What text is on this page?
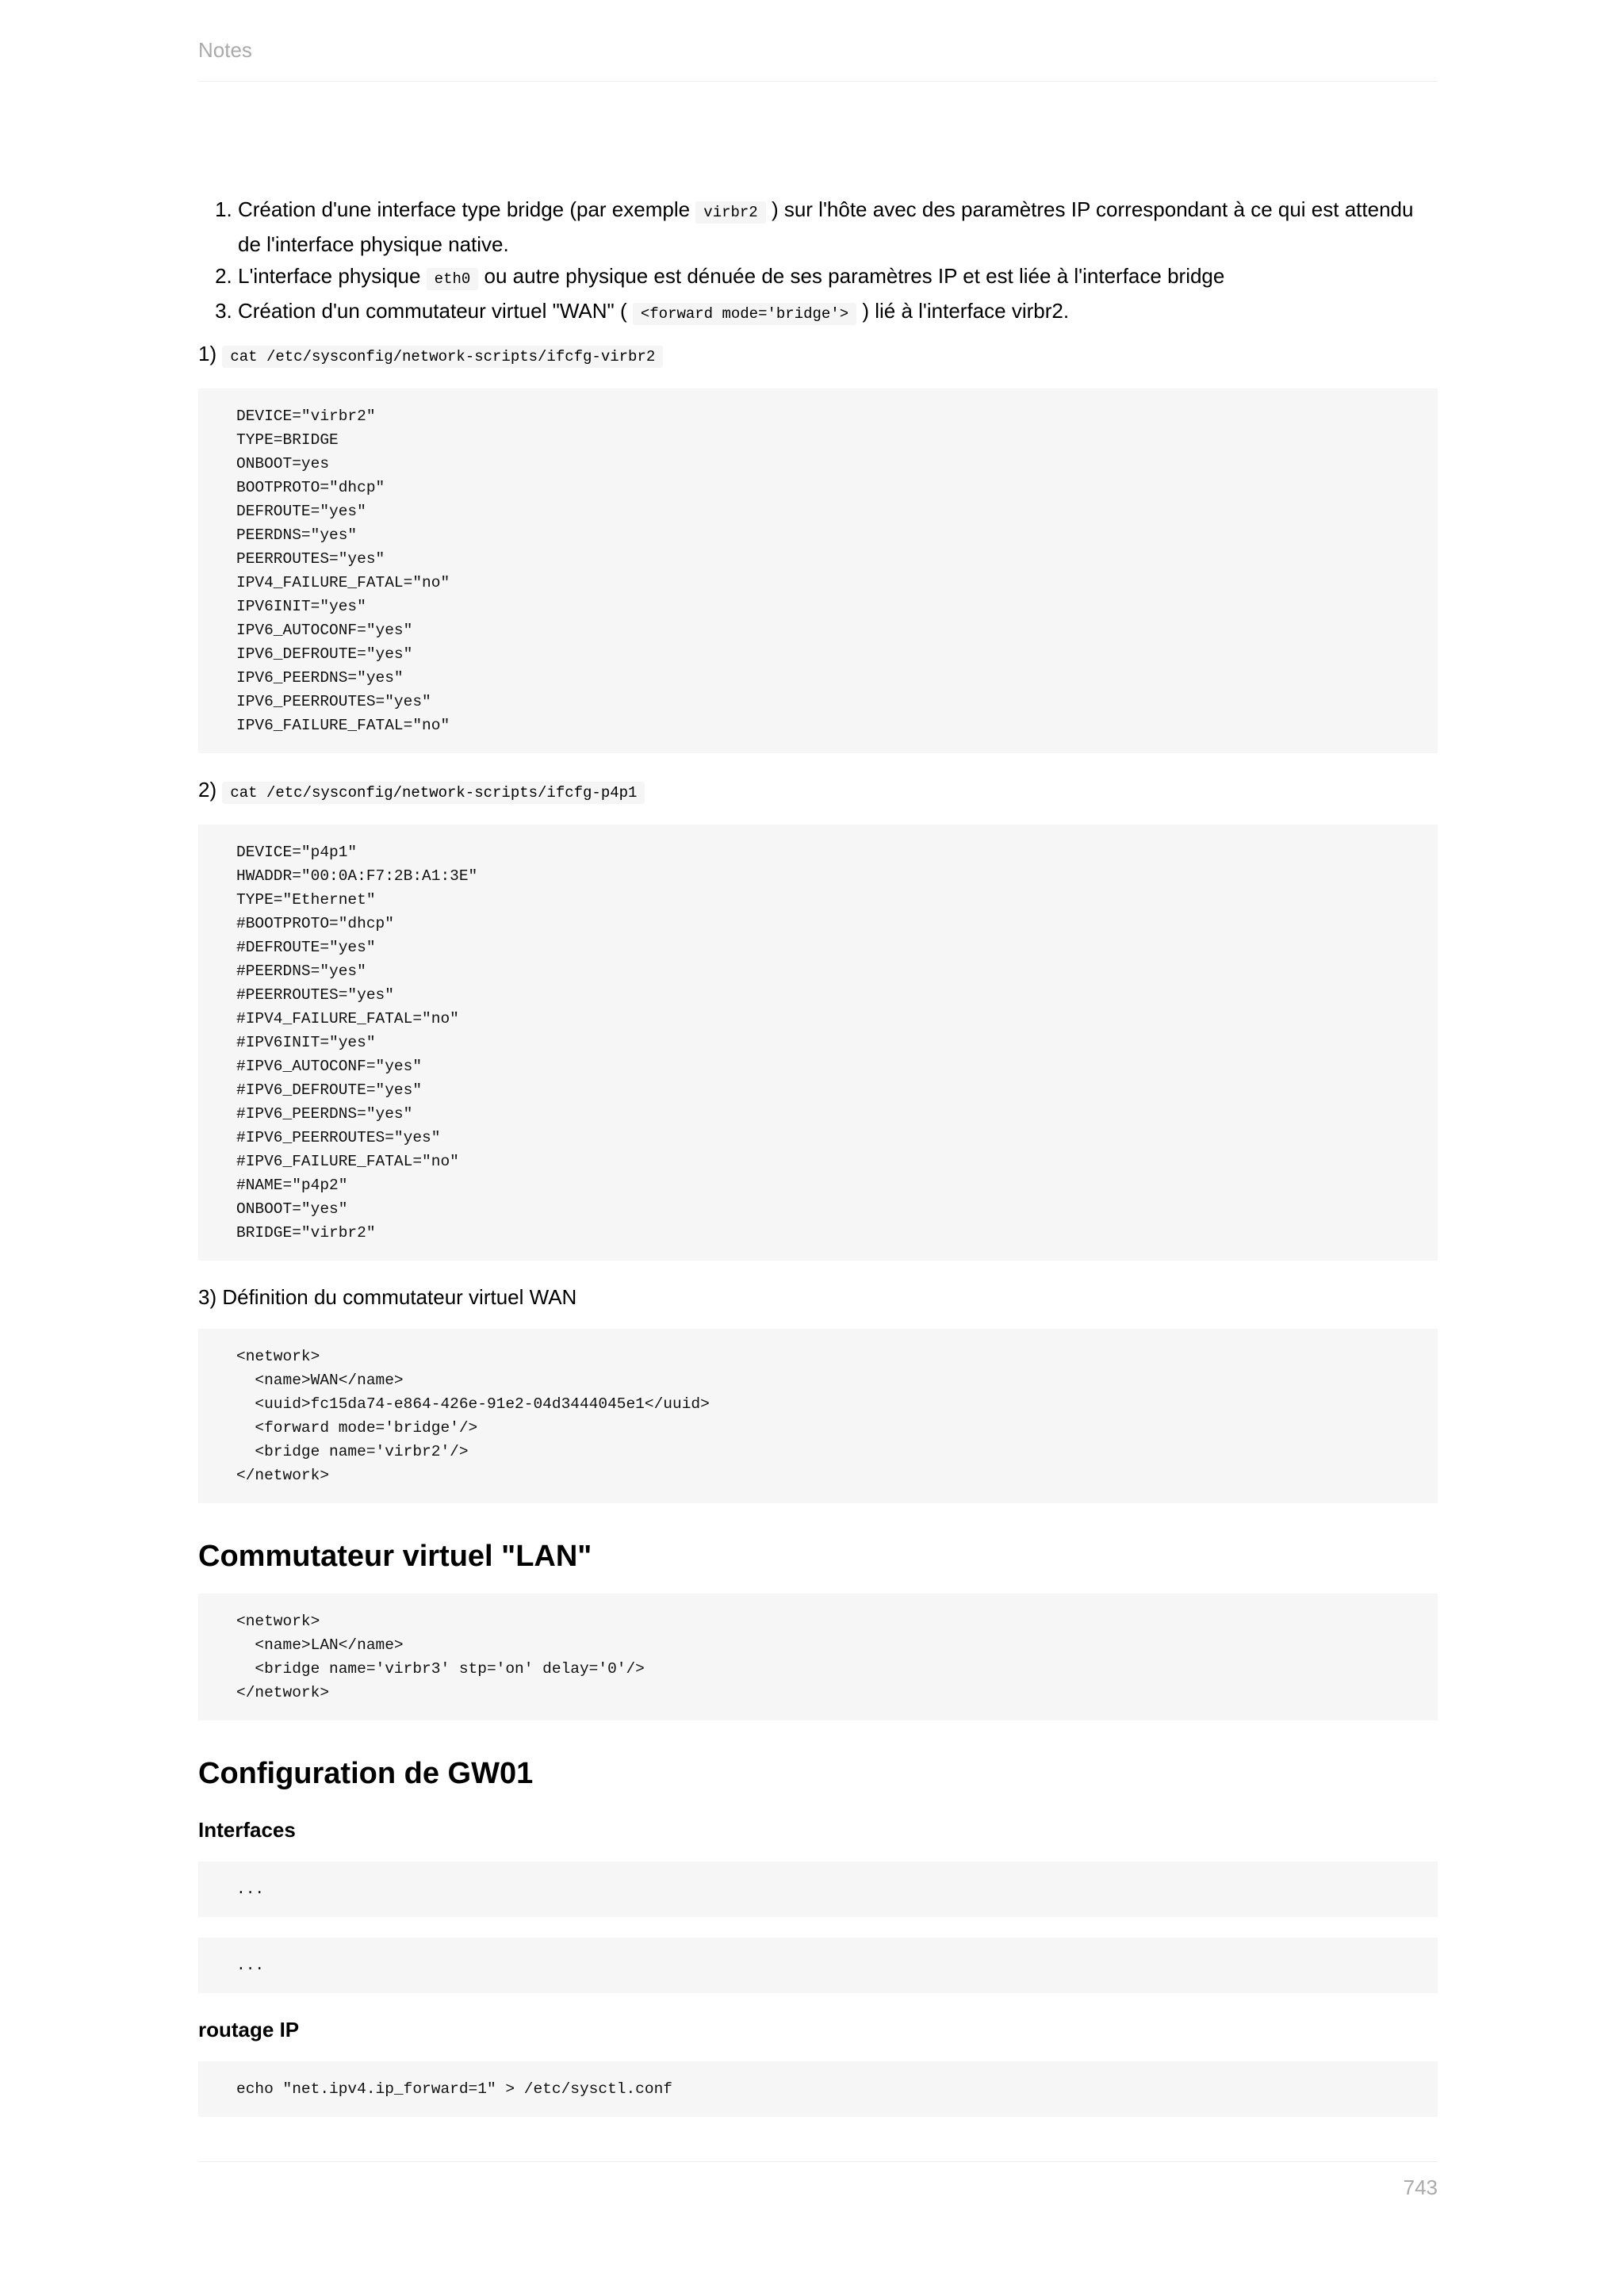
Notes
1. Création d'une interface type bridge (par exemple virbr2 ) sur l'hôte avec des paramètres IP correspondant à ce qui est attendu de l'interface physique native.
2. L'interface physique eth0 ou autre physique est dénuée de ses paramètres IP et est liée à l'interface bridge
3. Création d'un commutateur virtuel "WAN" ( <forward mode='bridge'> ) lié à l'interface virbr2.

1) cat /etc/sysconfig/network-scripts/ifcfg-virbr2

DEVICE="virbr2"
TYPE=BRIDGE
ONBOOT=yes
BOOTPROTO="dhcp"
DEFROUTE="yes"
PEERDNS="yes"
PEERROUTES="yes"
IPV4_FAILURE_FATAL="no"
IPV6INIT="yes"
IPV6_AUTOCONF="yes"
IPV6_DEFROUTE="yes"
IPV6_PEERDNS="yes"
IPV6_PEERROUTES="yes"
IPV6_FAILURE_FATAL="no"

2) cat /etc/sysconfig/network-scripts/ifcfg-p4p1

DEVICE="p4p1"
HWADDR="00:0A:F7:2B:A1:3E"
TYPE="Ethernet"
#BOOTPROTO="dhcp"
#DEFROUTE="yes"
#PEERDNS="yes"
#PEERROUTES="yes"
#IPV4_FAILURE_FATAL="no"
#IPV6INIT="yes"
#IPV6_AUTOCONF="yes"
#IPV6_DEFROUTE="yes"
#IPV6_PEERDNS="yes"
#IPV6_PEERROUTES="yes"
#IPV6_FAILURE_FATAL="no"
#NAME="p4p2"
ONBOOT="yes"
BRIDGE="virbr2"

3) Définition du commutateur virtuel WAN

<network>
<name>WAN</name>
<uuid>fc15da74-e864-426e-91e2-04d3444045e1</uuid>
<forward mode='bridge'/>
<bridge name='virbr2'/>
</network>
Commutateur virtuel "LAN"
<network>
<name>LAN</name>
<bridge name='virbr3' stp='on' delay='0'/>
</network>
Configuration de GW01
Interfaces
...
...
routage IP
echo "net.ipv4.ip_forward=1" > /etc/sysctl.conf
743
